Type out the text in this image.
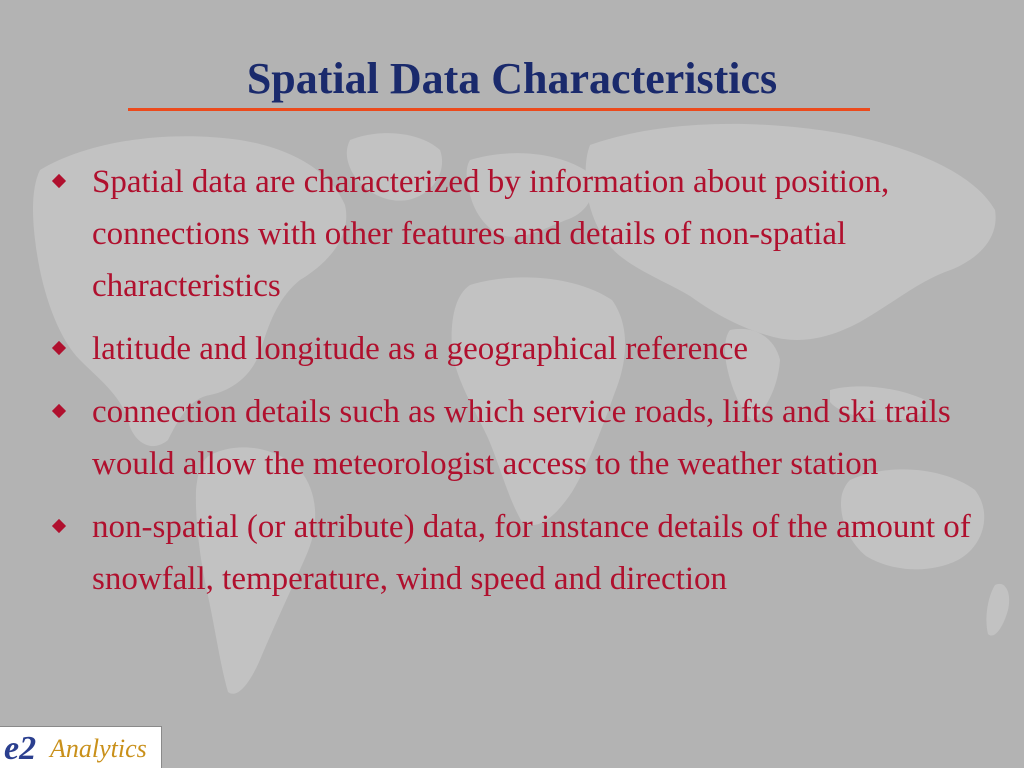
Spatial Data Characteristics
Spatial data are characterized by information about position, connections with other features and details of non-spatial characteristics
latitude and longitude as a geographical reference
connection details such as which service roads, lifts and ski trails would allow the meteorologist access to the weather station
non-spatial (or attribute) data, for instance details of the amount of snowfall, temperature, wind speed and direction
e2 Analytics
